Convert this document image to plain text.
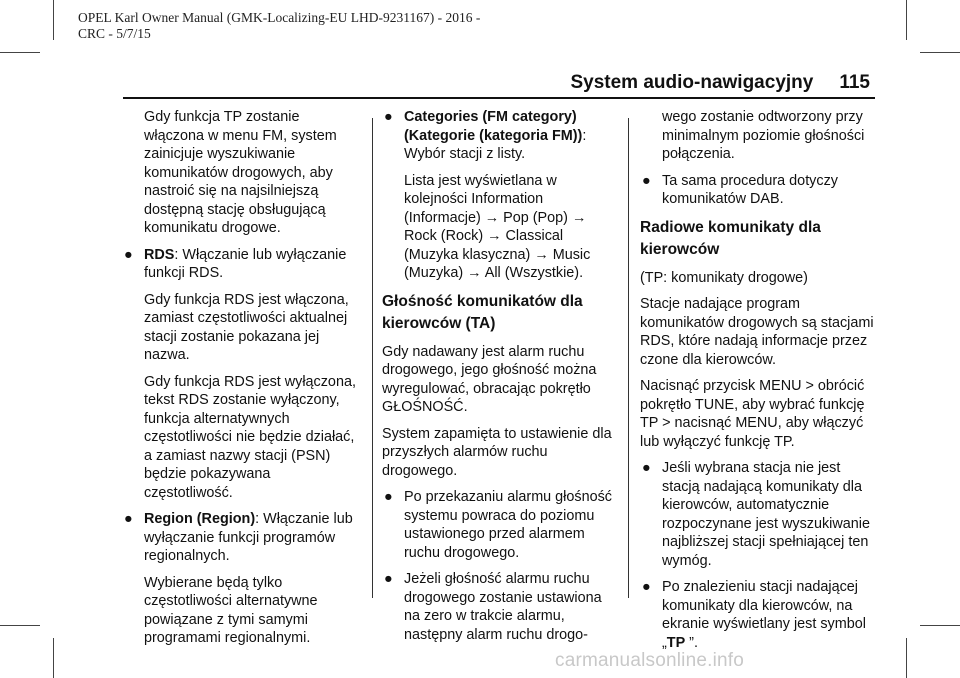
OPEL Karl Owner Manual (GMK-Localizing-EU LHD-9231167) - 2016 -
CRC - 5/7/15
System audio-nawigacyjny 115

Gdy funkcja TP zostanie włączona w menu FM, system zainicjuje wyszukiwanie komunikatów drogowych, aby nastroić się na najsilniejszą dostępną stację obsługującą komunikatu drogowe.

● RDS: Włączanie lub wyłączanie funkcji RDS.

Gdy funkcja RDS jest włączona, zamiast częstotliwości aktualnej stacji zostanie pokazana jej nazwa.

Gdy funkcja RDS jest wyłączona, tekst RDS zostanie wyłączony, funkcja alternatywnych częstotliwości nie będzie działać, a zamiast nazwy stacji (PSN) będzie pokazywana częstotliwość.

● Region (Region): Włączanie lub wyłączanie funkcji programów regionalnych.

Wybierane będą tylko częstotliwości alternatywne powiązane z tymi samymi programami regionalnymi.

● Categories (FM category) (Kategorie (kategoria FM)): Wybór stacji z listy.

Lista jest wyświetlana w kolejności Information (Informacje) → Pop (Pop) → Rock (Rock) → Classical (Muzyka klasyczna) → Music (Muzyka) → All (Wszystkie).

Głośność komunikatów dla kierowców (TA)

Gdy nadawany jest alarm ruchu drogowego, jego głośność można wyregulować, obracając pokrętło GŁOŚNOŚĆ.

System zapamięta to ustawienie dla przyszłych alarmów ruchu drogowego.

● Po przekazaniu alarmu głośność systemu powraca do poziomu ustawionego przed alarmem ruchu drogowego.
● Jeżeli głośność alarmu ruchu drogowego zostanie ustawiona na zero w trakcie alarmu, następny alarm ruchu drogo-

wego zostanie odtworzony przy minimalnym poziomie głośności połączenia.

● Ta sama procedura dotyczy komunikatów DAB.
Radiowe komunikaty dla kierowców

(TP: komunikaty drogowe)

Stacje nadające program komunikatów drogowych są stacjami RDS, które nadają informacje przez czone dla kierowców.

Nacisnąć przycisk MENU > obrócić pokrętło TUNE, aby wybrać funkcję TP > nacisnąć MENU, aby włączyć lub wyłączyć funkcję TP.

● Jeśli wybrana stacja nie jest stacją nadającą komunikaty dla kierowców, automatycznie rozpoczynane jest wyszukiwanie najbliższej stacji spełniającej ten wymóg.
● Po znalezieniu stacji nadającej komunikaty dla kierowców, na ekranie wyświetlany jest symbol „TP ”.
carmanualsonline.info
